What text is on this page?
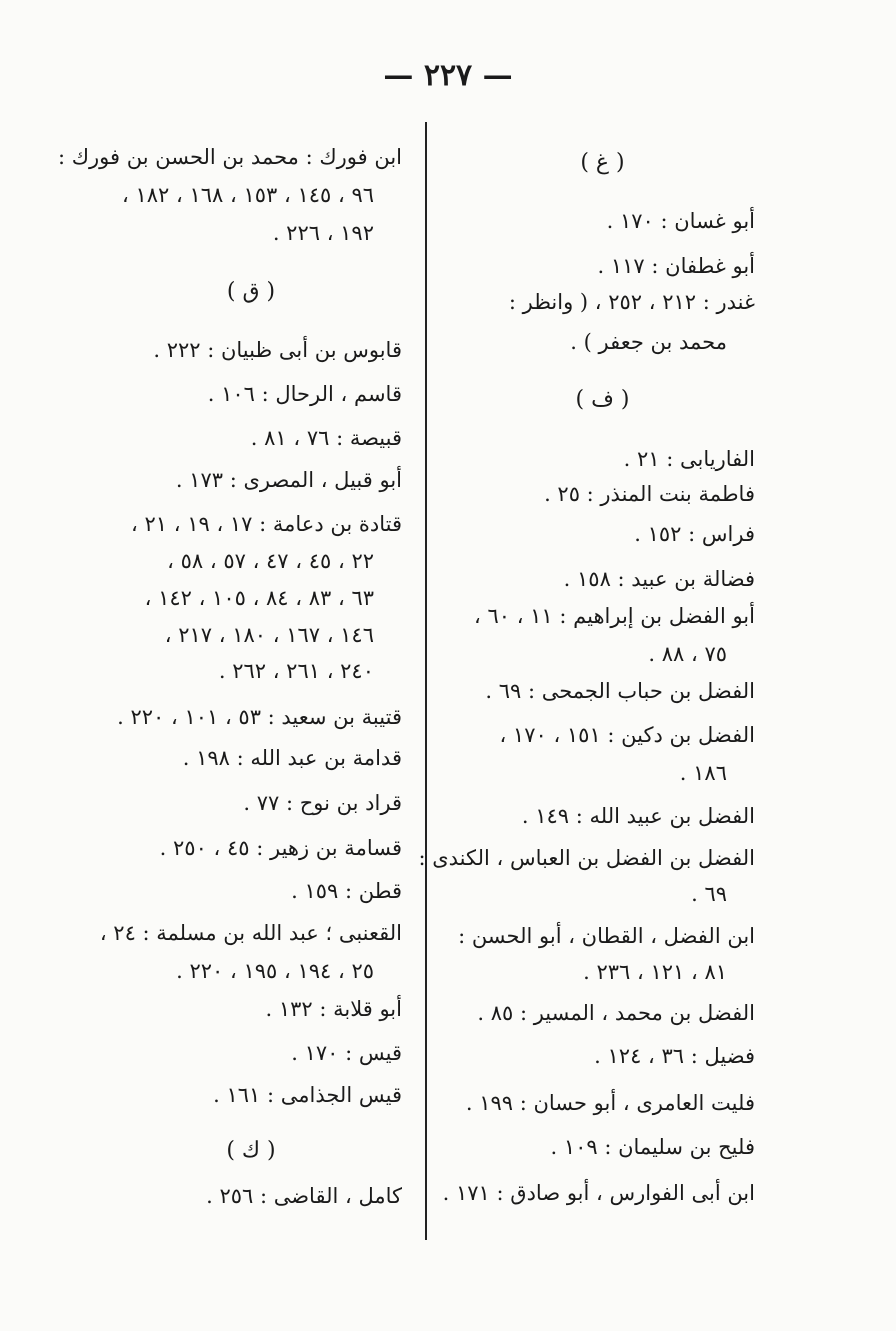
— ٢٢٧ —
( غ )
أبو غسان : ١٧٠ .
أبو غطفان : ١١٧ .
غندر : ٢١٢ ، ٢٥٢ ، ( وانظر :
محمد بن جعفر ) .
( ف )
الفاريابى : ٢١ .
فاطمة بنت المنذر : ٢٥ .
فراس : ١٥٢ .
فضالة بن عبيد : ١٥٨ .
أبو الفضل بن إبراهيم : ١١ ، ٦٠ ،
٧٥ ، ٨٨ .
الفضل بن حباب الجمحى : ٦٩ .
الفضل بن دكين : ١٥١ ، ١٧٠ ،
١٨٦ .
الفضل بن عبيد الله : ١٤٩ .
الفضل بن الفضل بن العباس ، الكندى :
٦٩ .
ابن الفضل ، القطان ، أبو الحسن :
٨١ ، ١٢١ ، ٢٣٦ .
الفضل بن محمد ، المسير : ٨٥ .
فضيل : ٣٦ ، ١٢٤ .
فليت العامرى ، أبو حسان : ١٩٩ .
فليح بن سليمان : ١٠٩ .
ابن أبى الفوارس ، أبو صادق : ١٧١ .
ابن فورك : محمد بن الحسن بن فورك :
٩٦ ، ١٤٥ ، ١٥٣ ، ١٦٨ ، ١٨٢ ،
١٩٢ ، ٢٢٦ .
( ق )
قابوس بن أبى ظبيان : ٢٢٢ .
قاسم ، الرحال : ١٠٦ .
قبيصة : ٧٦ ، ٨١ .
أبو قبيل ، المصرى : ١٧٣ .
قتادة بن دعامة : ١٧ ، ١٩ ، ٢١ ،
٢٢ ، ٤٥ ، ٤٧ ، ٥٧ ، ٥٨ ،
٦٣ ، ٨٣ ، ٨٤ ، ١٠٥ ، ١٤٢ ،
١٤٦ ، ١٦٧ ، ١٨٠ ، ٢١٧ ،
٢٤٠ ، ٢٦١ ، ٢٦٢ .
قتيبة بن سعيد : ٥٣ ، ١٠١ ، ٢٢٠ .
قدامة بن عبد الله : ١٩٨ .
قراد بن نوح : ٧٧ .
قسامة بن زهير : ٤٥ ، ٢٥٠ .
قطن : ١٥٩ .
القعنبى ؛ عبد الله بن مسلمة : ٢٤ ،
٢٥ ، ١٩٤ ، ١٩٥ ، ٢٢٠ .
أبو قلابة : ١٣٢ .
قيس : ١٧٠ .
قيس الجذامى : ١٦١ .
( ك )
كامل ، القاضى : ٢٥٦ .
